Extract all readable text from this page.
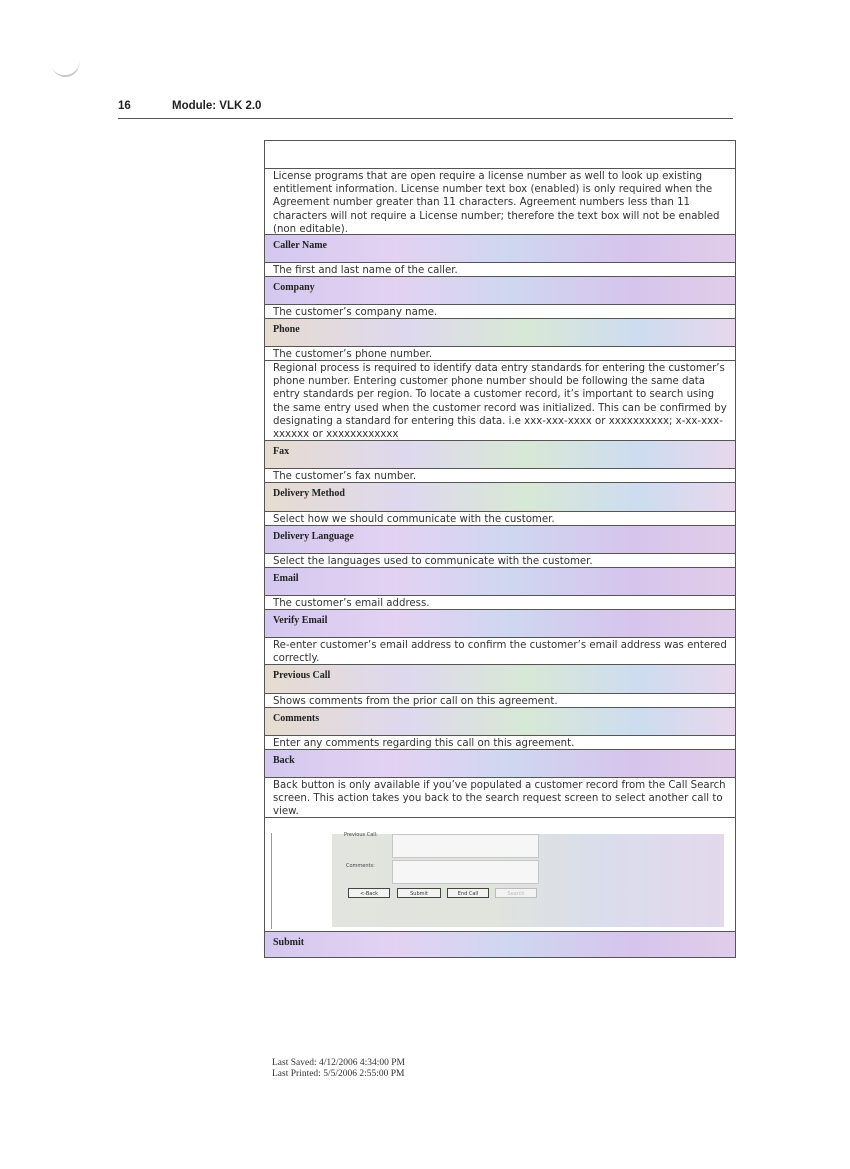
16	Module: VLK 2.0
License programs that are open require a license number as well to look up existing entitlement information. License number text box (enabled) is only required when the Agreement number greater than 11 characters. Agreement numbers less than 11 characters will not require a License number; therefore the text box will not be enabled (non editable).
Caller Name
The first and last name of the caller.
Company
The customer’s company name.
Phone
The customer’s phone number.
Regional process is required to identify data entry standards for entering the customer’s phone number. Entering customer phone number should be following the same data entry standards per region. To locate a customer record, it’s important to search using the same entry used when the customer record was initialized. This can be confirmed by designating a standard for entering this data. i.e xxx-xxx-xxxx or xxxxxxxxxx; x-xx-xxx-xxxxxx or xxxxxxxxxxxx
Fax
The customer’s fax number.
Delivery Method
Select how we should communicate with the customer.
Delivery Language
Select the languages used to communicate with the customer.
Email
The customer’s email address.
Verify Email
Re-enter customer’s email address to confirm the customer’s email address was entered correctly.
Previous Call
Shows comments from the prior call on this agreement.
Comments
Enter any comments regarding this call on this agreement.
Back
Back button is only available if you’ve populated a customer record from the Call Search screen. This action takes you back to the search request screen to select another call to view.
Previous Call:
Comments:
<-Back	Submit	End Call	Search
Submit
Last Saved: 4/12/2006 4:34:00 PM
Last Printed: 5/5/2006 2:55:00 PM
